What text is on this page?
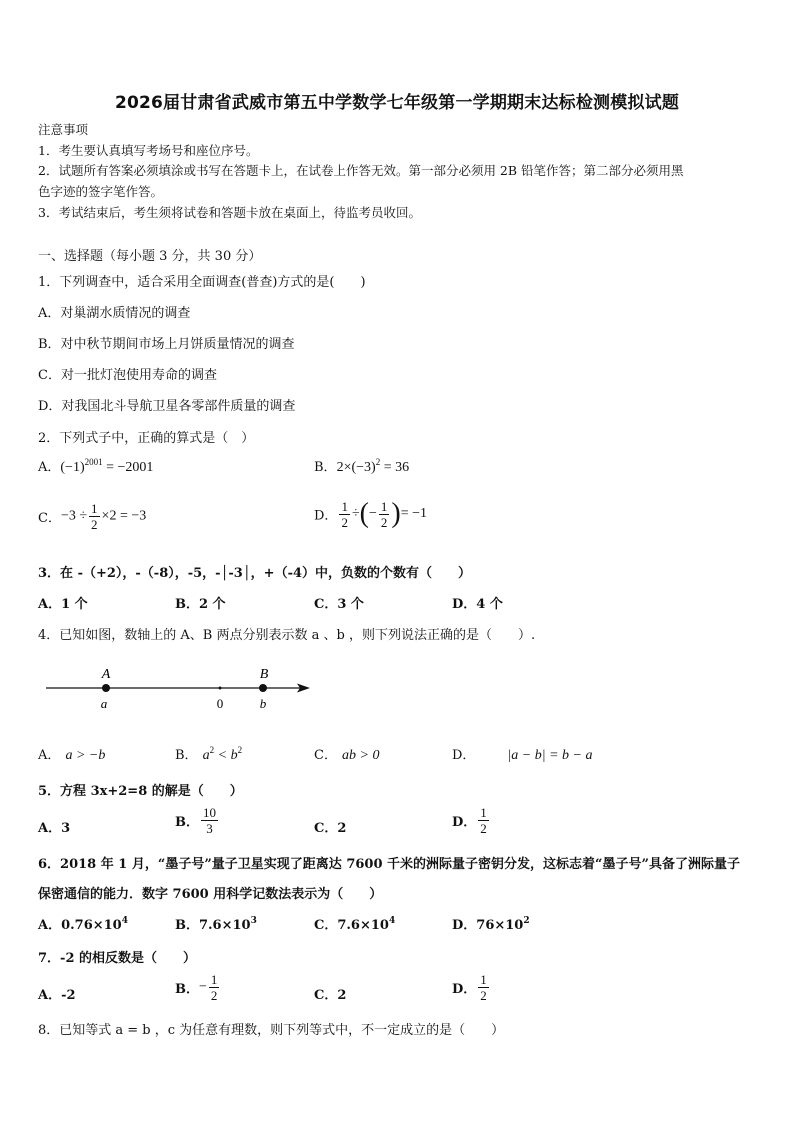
2026届甘肃省武威市第五中学数学七年级第一学期期末达标检测模拟试题
注意事项
1．考生要认真填写考场号和座位序号。
2．试题所有答案必须填涂或书写在答题卡上，在试卷上作答无效。第一部分必须用 2B 铅笔作答；第二部分必须用黑
色字迹的签字笔作答。
3．考试结束后，考生须将试卷和答题卡放在桌面上，待监考员收回。
一、选择题（每小题 3 分，共 30 分）
1．下列调查中，适合采用全面调查(普查)方式的是(　　)
A．对巢湖水质情况的调查
B．对中秋节期间市场上月饼质量情况的调查
C．对一批灯泡使用寿命的调查
D．对我国北斗导航卫星各零部件质量的调查
2．下列式子中，正确的算式是（　）
A．$(-1)^{2001} = -2001$	B．$2\times(-3)^2 = 36$
C．$-3 \div \frac{1}{2} \times 2 = -3$	D． $\frac{1}{2}$ ÷(− $\frac{1}{2}$ )= −1
3．在 -（+2），-（-8），-5，-│-3│，+（-4）中，负数的个数有（　　）
A．1 个	B．2 个	C．3 个	D．4 个
4．已知如图，数轴上的 A、B 两点分别表示数 a 、b ，则下列说法正确的是（　　）.
A	B
a	0	b
A． a > −b	B． $a^2 < b^2$	C． ab > 0	D． |a − b| = b − a
5．方程 3x+2=8 的解是（　　）
A．3	B． $\frac{10}{3}$	C．2	D． $\frac{1}{2}$
6．2018 年 1 月，“墨子号”量子卫星实现了距离达 7600 千米的洲际量子密钥分发，这标志着“墨子号”具备了洲际量子
保密通信的能力．数字 7600 用科学记数法表示为（　　）
A．$0.76\times 10^4$	B．$7.6\times 10^3$	C．$7.6\times 10^4$	D．$76\times 10^2$
7．-2 的相反数是（　　）
A．-2	B．− $\frac{1}{2}$	C．2	D． $\frac{1}{2}$
8．已知等式 a = b ，c 为任意有理数，则下列等式中，不一定成立的是（　　）
